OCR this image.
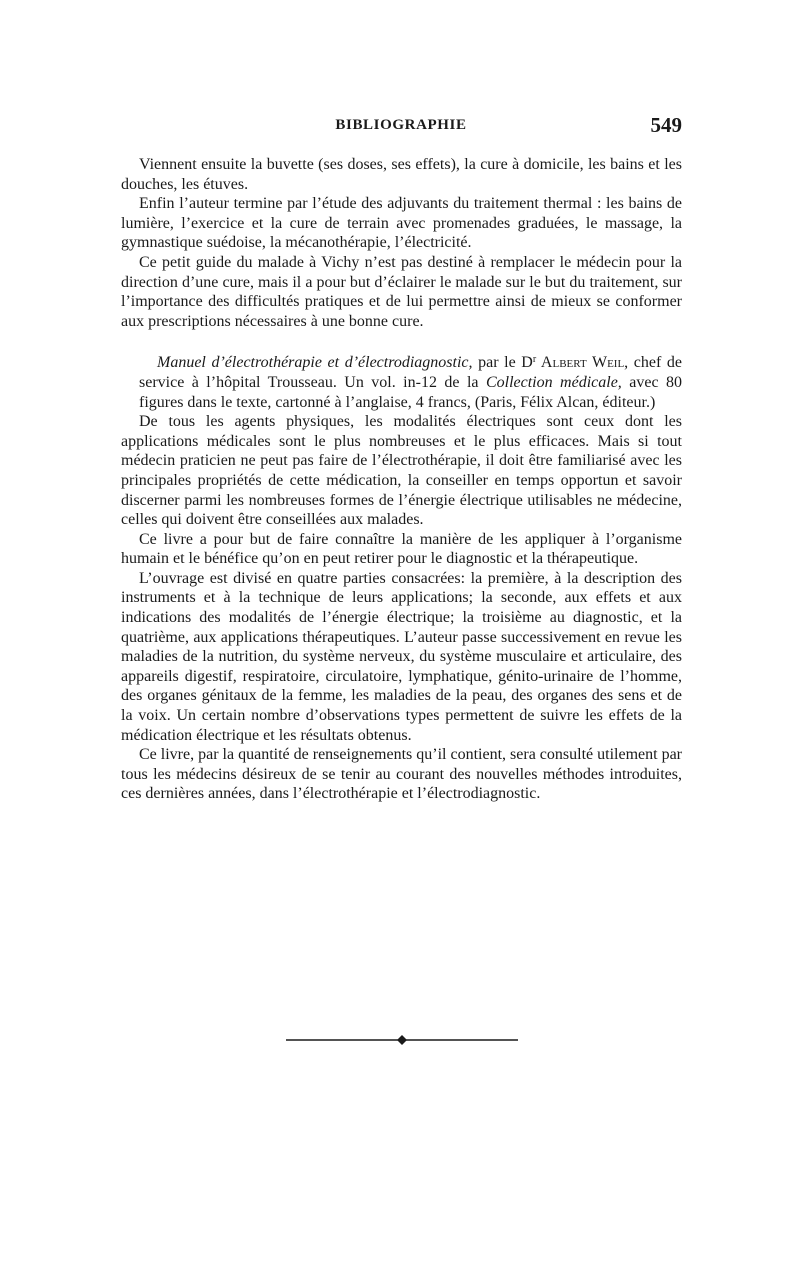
BIBLIOGRAPHIE	549

Viennent ensuite la buvette (ses doses, ses effets), la cure à domicile, les bains et les douches, les étuves.

Enfin l’auteur termine par l’étude des adjuvants du traitement thermal : les bains de lumière, l’exercice et la cure de terrain avec promenades graduées, le massage, la gymnastique suédoise, la mécanothérapie, l’électricité.

Ce petit guide du malade à Vichy n’est pas destiné à remplacer le médecin pour la direction d’une cure, mais il a pour but d’éclairer le malade sur le but du traitement, sur l’importance des difficultés pratiques et de lui permettre ainsi de mieux se conformer aux prescriptions nécessaires à une bonne cure.

Manuel d’électrothérapie et d’électrodiagnostic, par le $D^r$ Albert Weil, chef de service à l’hôpital Trousseau. Un vol. in-12 de la Collection médicale, avec 80 figures dans le texte, cartonné à l’anglaise, 4 francs, (Paris, Félix Alcan, éditeur.)

De tous les agents physiques, les modalités électriques sont ceux dont les applications médicales sont le plus nombreuses et le plus efficaces. Mais si tout médecin praticien ne peut pas faire de l’électrothérapie, il doit être familiarisé avec les principales propriétés de cette médication, la conseiller en temps opportun et savoir discerner parmi les nombreuses formes de l’énergie électrique utilisables ne médecine, celles qui doivent être conseillées aux malades.

Ce livre a pour but de faire connaître la manière de les appliquer à l’organisme humain et le bénéfice qu’on en peut retirer pour le diagnostic et la thérapeutique.

L’ouvrage est divisé en quatre parties consacrées: la première, à la description des instruments et à la technique de leurs applications; la seconde, aux effets et aux indications des modalités de l’énergie électrique; la troisième au diagnostic, et la quatrième, aux applications thérapeutiques. L’auteur passe successivement en revue les maladies de la nutrition, du système nerveux, du système musculaire et articulaire, des appareils digestif, respiratoire, circulatoire, lymphatique, génito-urinaire de l’homme, des organes génitaux de la femme, les maladies de la peau, des organes des sens et de la voix. Un certain nombre d’observations types permettent de suivre les effets de la médication électrique et les résultats obtenus.

Ce livre, par la quantité de renseignements qu’il contient, sera consulté utilement par tous les médecins désireux de se tenir au courant des nouvelles méthodes introduites, ces dernières années, dans l’électrothérapie et l’électrodiagnostic.
